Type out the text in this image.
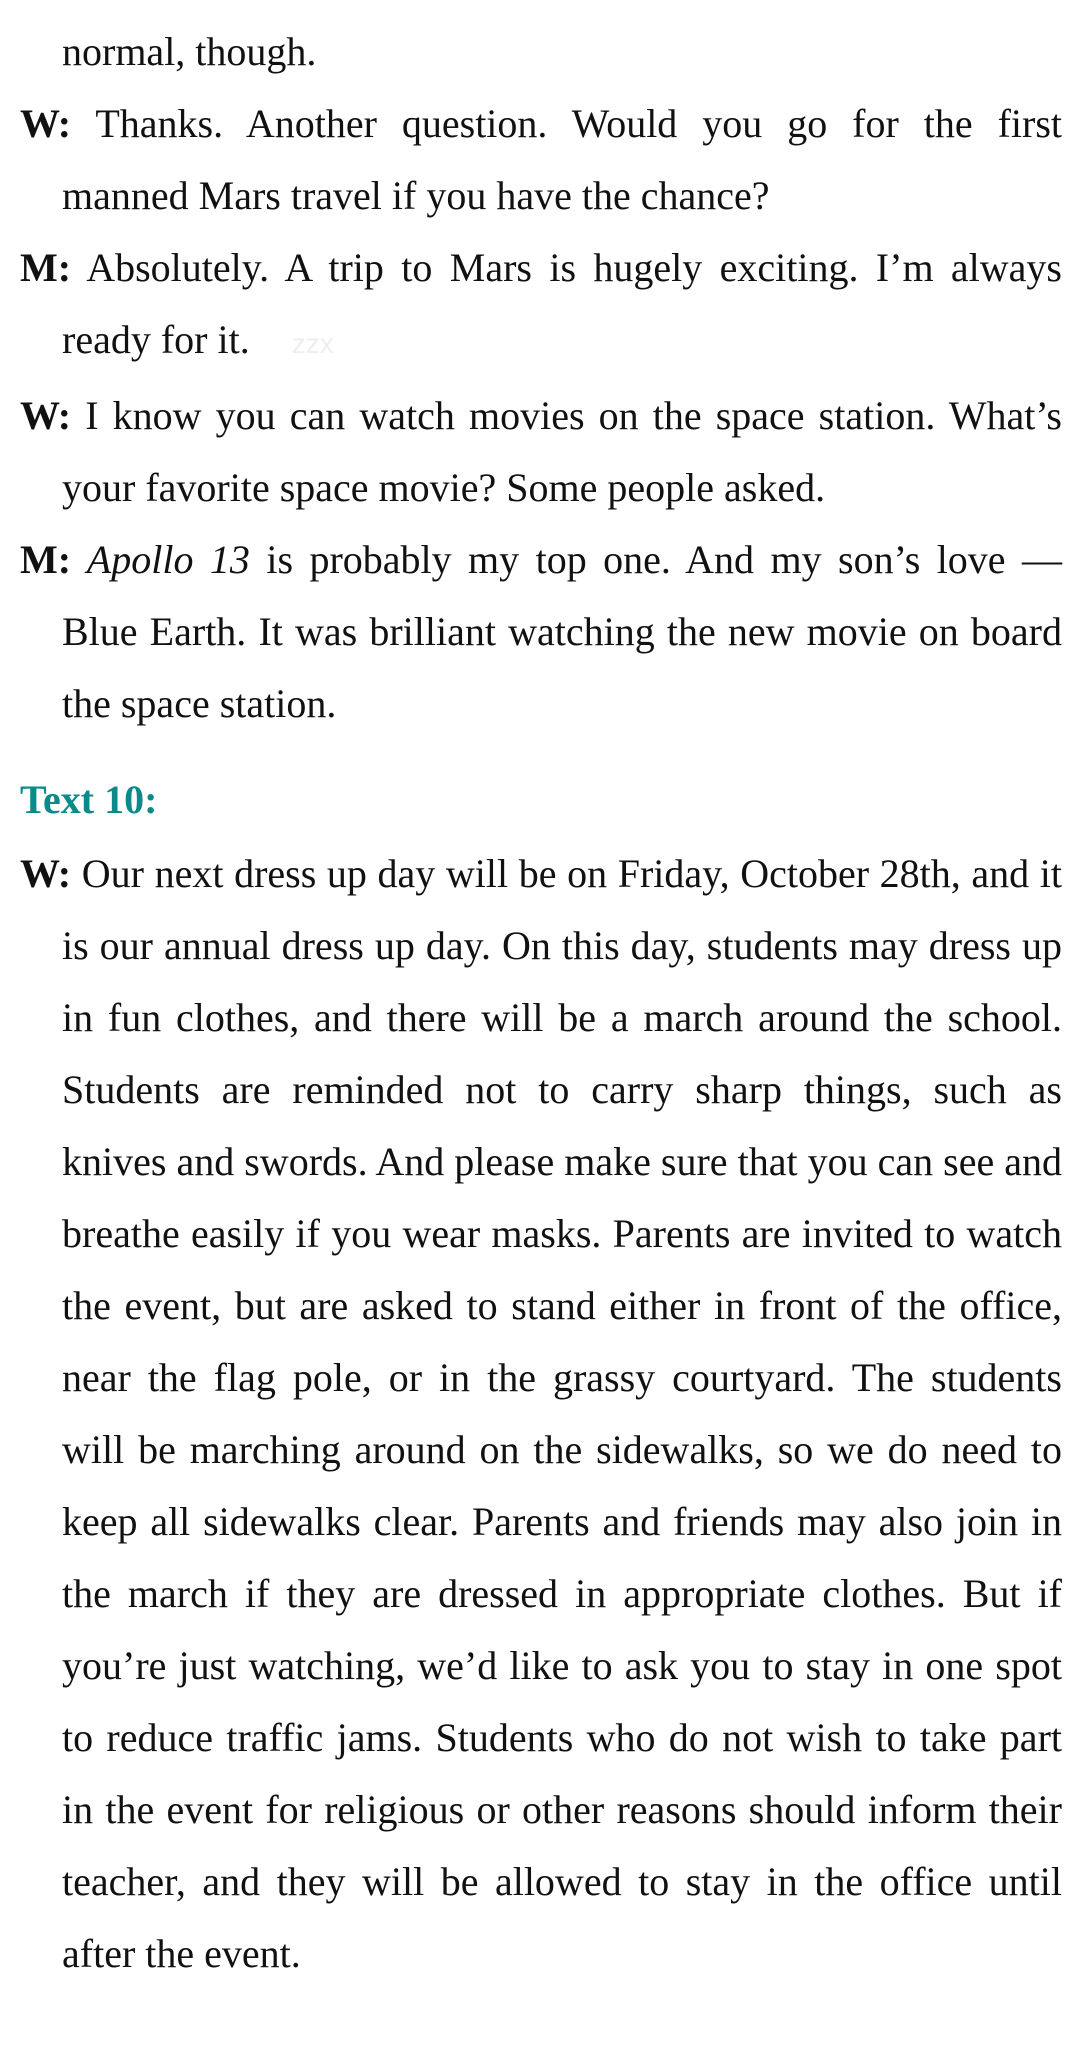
normal, though.

W: Thanks. Another question. Would you go for the first manned Mars travel if you have the chance?

M: Absolutely. A trip to Mars is hugely exciting. I’m always ready for it. zzx

W: I know you can watch movies on the space station. What’s your favorite space movie? Some people asked.

M: Apollo 13 is probably my top one. And my son’s love — Blue Earth. It was brilliant watching the new movie on board the space station.

Text 10:

W: Our next dress up day will be on Friday, October 28th, and it is our annual dress up day. On this day, students may dress up in fun clothes, and there will be a march around the school. Students are reminded not to carry sharp things, such as knives and swords. And please make sure that you can see and breathe easily if you wear masks. Parents are invited to watch the event, but are asked to stand either in front of the office, near the flag pole, or in the grassy courtyard. The students will be marching around on the sidewalks, so we do need to keep all sidewalks clear. Parents and friends may also join in the march if they are dressed in appropriate clothes. But if you’re just watching, we’d like to ask you to stay in one spot to reduce traffic jams. Students who do not wish to take part in the event for religious or other reasons should inform their teacher, and they will be allowed to stay in the office until after the event.
